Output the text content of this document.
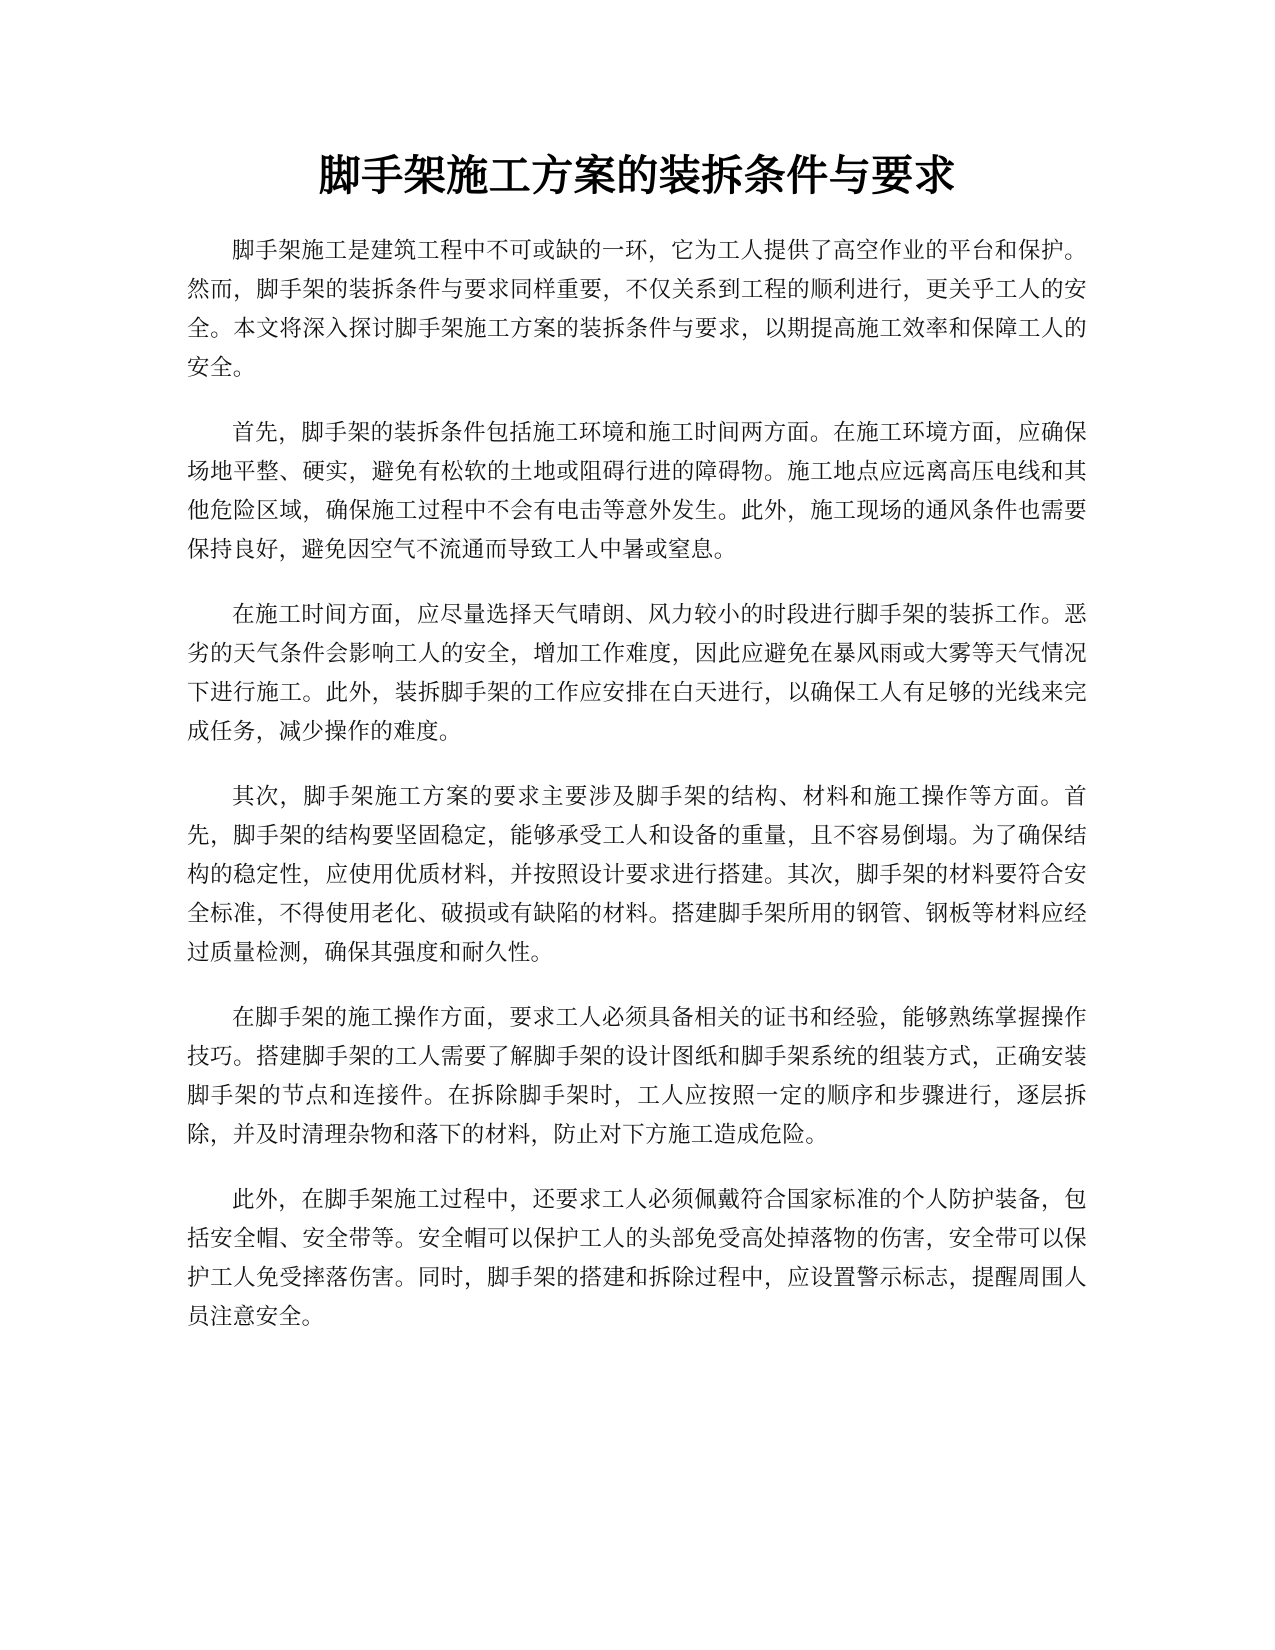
脚手架施工方案的装拆条件与要求

脚手架施工是建筑工程中不可或缺的一环，它为工人提供了高空作业的平台和保护。然而，脚手架的装拆条件与要求同样重要，不仅关系到工程的顺利进行，更关乎工人的安全。本文将深入探讨脚手架施工方案的装拆条件与要求，以期提高施工效率和保障工人的安全。

首先，脚手架的装拆条件包括施工环境和施工时间两方面。在施工环境方面，应确保场地平整、硬实，避免有松软的土地或阻碍行进的障碍物。施工地点应远离高压电线和其他危险区域，确保施工过程中不会有电击等意外发生。此外，施工现场的通风条件也需要保持良好，避免因空气不流通而导致工人中暑或窒息。

在施工时间方面，应尽量选择天气晴朗、风力较小的时段进行脚手架的装拆工作。恶劣的天气条件会影响工人的安全，增加工作难度，因此应避免在暴风雨或大雾等天气情况下进行施工。此外，装拆脚手架的工作应安排在白天进行，以确保工人有足够的光线来完成任务，减少操作的难度。

其次，脚手架施工方案的要求主要涉及脚手架的结构、材料和施工操作等方面。首先，脚手架的结构要坚固稳定，能够承受工人和设备的重量，且不容易倒塌。为了确保结构的稳定性，应使用优质材料，并按照设计要求进行搭建。其次，脚手架的材料要符合安全标准，不得使用老化、破损或有缺陷的材料。搭建脚手架所用的钢管、钢板等材料应经过质量检测，确保其强度和耐久性。

在脚手架的施工操作方面，要求工人必须具备相关的证书和经验，能够熟练掌握操作技巧。搭建脚手架的工人需要了解脚手架的设计图纸和脚手架系统的组装方式，正确安装脚手架的节点和连接件。在拆除脚手架时，工人应按照一定的顺序和步骤进行，逐层拆除，并及时清理杂物和落下的材料，防止对下方施工造成危险。

此外，在脚手架施工过程中，还要求工人必须佩戴符合国家标准的个人防护装备，包括安全帽、安全带等。安全帽可以保护工人的头部免受高处掉落物的伤害，安全带可以保护工人免受摔落伤害。同时，脚手架的搭建和拆除过程中，应设置警示标志，提醒周围人员注意安全。
